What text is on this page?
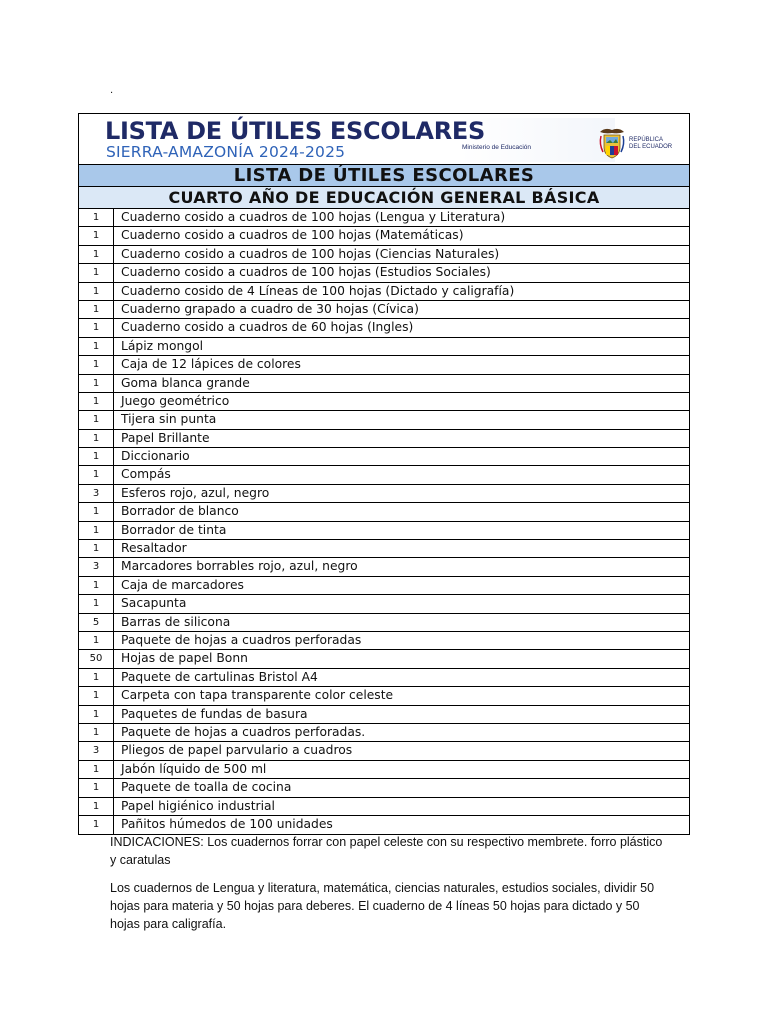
.
LISTA DE ÚTILES ESCOLARES
SIERRA-AMAZONÍA 2024-2025	Ministerio de Educación
REPÚBLICA
DEL ECUADOR
LISTA DE ÚTILES ESCOLARES
CUARTO AÑO DE EDUCACIÓN GENERAL BÁSICA
1	Cuaderno cosido a cuadros de 100 hojas (Lengua y Literatura)
1	Cuaderno cosido a cuadros de 100 hojas (Matemáticas)
1	Cuaderno cosido a cuadros de 100 hojas (Ciencias Naturales)
1	Cuaderno cosido a cuadros de 100 hojas (Estudios Sociales)
1	Cuaderno cosido de 4 Líneas de 100 hojas (Dictado y caligrafía)
1	Cuaderno grapado a cuadro de 30 hojas (Cívica)
1	Cuaderno cosido a cuadros de 60 hojas (Ingles)
1	Lápiz mongol
1	Caja de 12 lápices de colores
1	Goma blanca grande
1	Juego geométrico
1	Tijera sin punta
1	Papel Brillante
1	Diccionario
1	Compás
3	Esferos rojo, azul, negro
1	Borrador de blanco
1	Borrador de tinta
1	Resaltador
3	Marcadores borrables rojo, azul, negro
1	Caja de marcadores
1	Sacapunta
5	Barras de silicona
1	Paquete de hojas a cuadros perforadas
50	Hojas de papel Bonn
1	Paquete de cartulinas Bristol A4
1	Carpeta con tapa transparente color celeste
1	Paquetes de fundas de basura
1	Paquete de hojas a cuadros perforadas.
3	Pliegos de papel parvulario a cuadros
1	Jabón líquido de 500 ml
1	Paquete de toalla de cocina
1	Papel higiénico industrial
1	Pañitos húmedos de 100 unidades

INDICACIONES: Los cuadernos forrar con papel celeste con su respectivo membrete. forro plástico y caratulas

Los cuadernos de Lengua y literatura, matemática, ciencias naturales, estudios sociales, dividir 50 hojas para materia y 50 hojas para deberes. El cuaderno de 4 líneas 50 hojas para dictado y 50 hojas para caligrafía.
